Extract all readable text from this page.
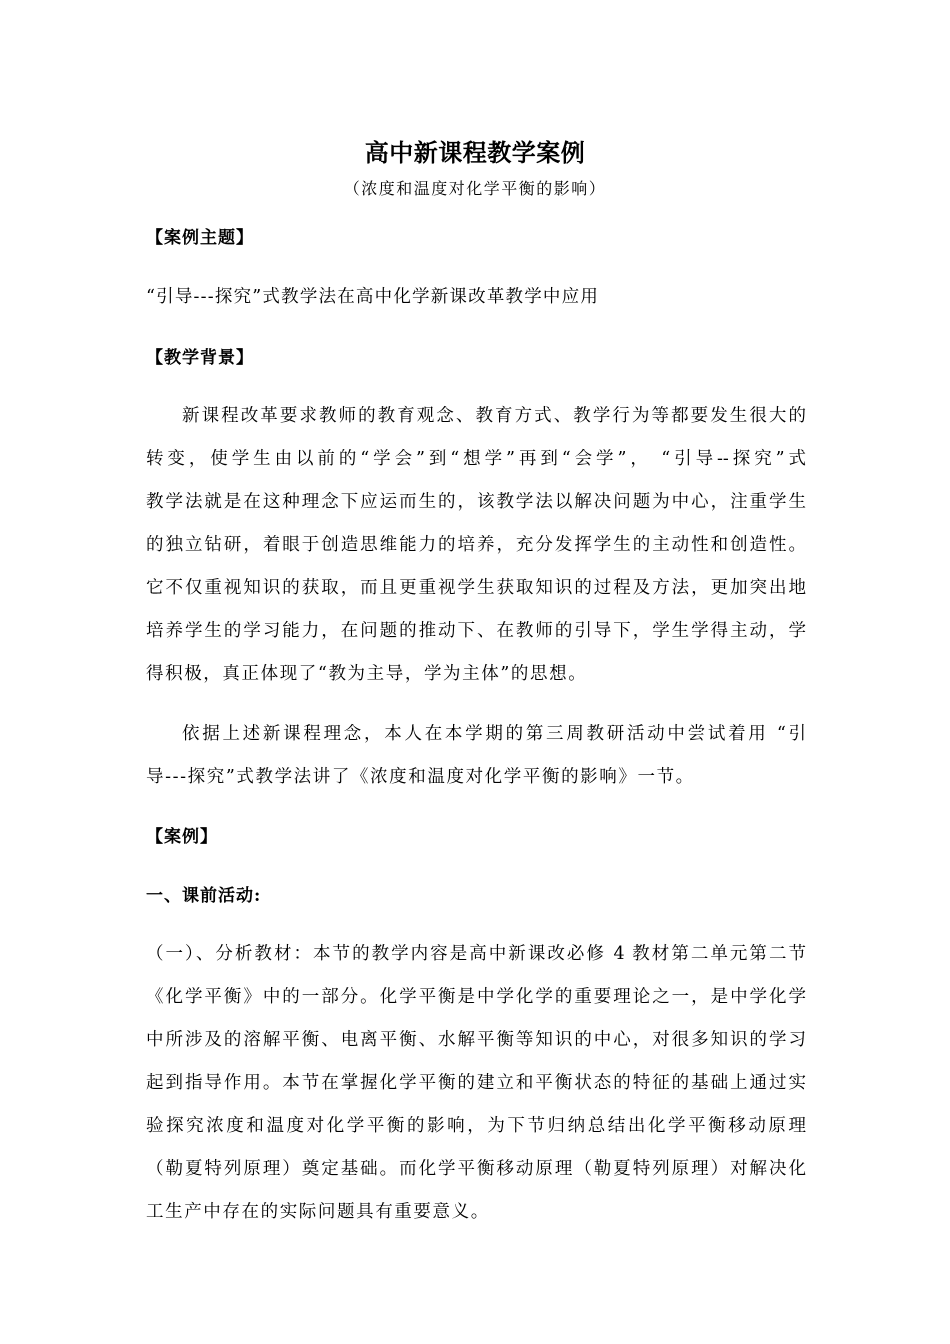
高中新课程教学案例
（浓度和温度对化学平衡的影响）
【案例主题】
“引导---探究”式教学法在高中化学新课改革教学中应用
【教学背景】
新课程改革要求教师的教育观念、教育方式、教学行为等都要发生很大的
转变，使学生由以前的“学会”到“想学”再到“会学”， “引导--探究”式
教学法就是在这种理念下应运而生的，该教学法以解决问题为中心，注重学生
的独立钻研，着眼于创造思维能力的培养，充分发挥学生的主动性和创造性。
它不仅重视知识的获取，而且更重视学生获取知识的过程及方法，更加突出地
培养学生的学习能力，在问题的推动下、在教师的引导下，学生学得主动，学
得积极，真正体现了“教为主导，学为主体”的思想。
依据上述新课程理念，本人在本学期的第三周教研活动中尝试着用 “引
导---探究”式教学法讲了《浓度和温度对化学平衡的影响》一节。
【案例】
一、课前活动:
（一）、分析教材：本节的教学内容是高中新课改必修 4 教材第二单元第二节
《化学平衡》中的一部分。化学平衡是中学化学的重要理论之一，是中学化学
中所涉及的溶解平衡、电离平衡、水解平衡等知识的中心，对很多知识的学习
起到指导作用。本节在掌握化学平衡的建立和平衡状态的特征的基础上通过实
验探究浓度和温度对化学平衡的影响，为下节归纳总结出化学平衡移动原理
（勒夏特列原理）奠定基础。而化学平衡移动原理（勒夏特列原理）对解决化
工生产中存在的实际问题具有重要意义。
